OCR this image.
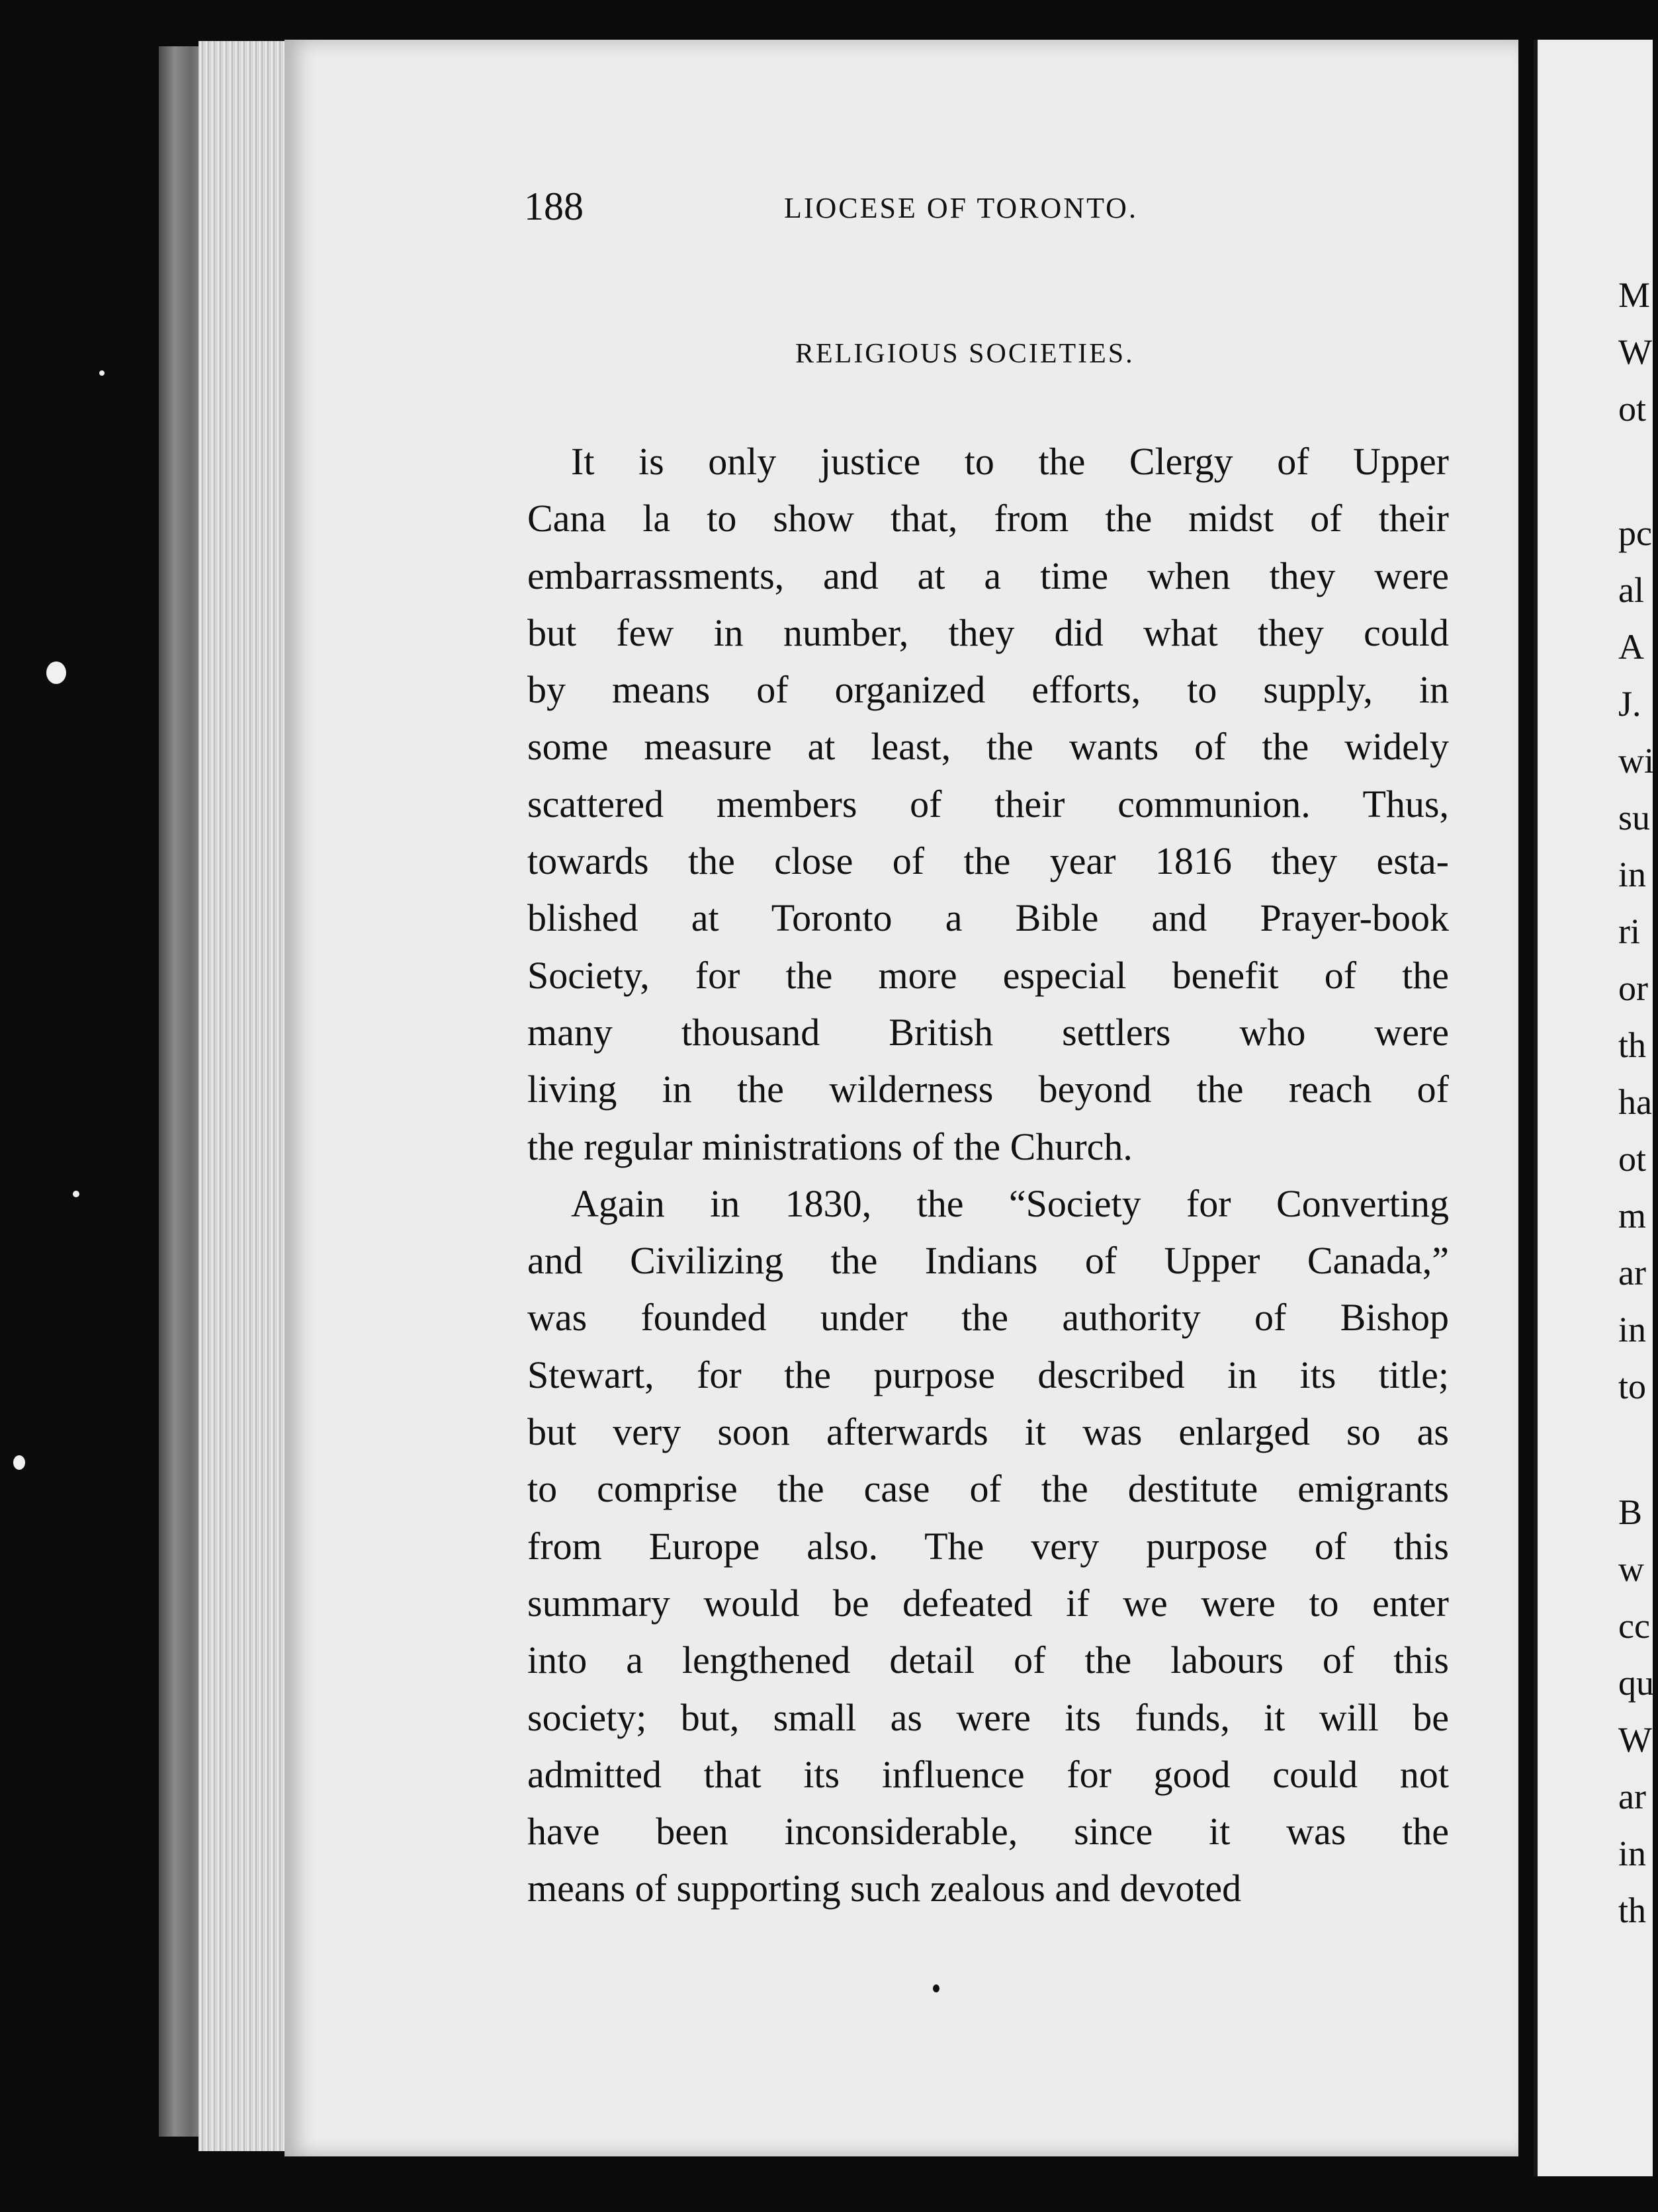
188	LIOCESE OF TORONTO.
RELIGIOUS SOCIETIES.
It is only justice to the Clergy of Upper
Cana la to show that, from the midst of their
embarrassments, and at a time when they were
but few in number, they did what they could
by means of organized efforts, to supply, in
some measure at least, the wants of the widely
scattered members of their communion. Thus,
towards the close of the year 1816 they esta-
blished at Toronto a Bible and Prayer-book
Society, for the more especial benefit of the
many thousand British settlers who were
living in the wilderness beyond the reach of
the regular ministrations of the Church.
Again in 1830, the “Society for Converting
and Civilizing the Indians of Upper Canada,”
was founded under the authority of Bishop
Stewart, for the purpose described in its title;
but very soon afterwards it was enlarged so as
to comprise the case of the destitute emigrants
from Europe also. The very purpose of this
summary would be defeated if we were to enter
into a lengthened detail of the labours of this
society; but, small as were its funds, it will be
admitted that its influence for good could not
have been inconsiderable, since it was the
means of supporting such zealous and devoted
M
W
ot
pc
al
A
J.
wi
su
in
ri
or
th
ha
ot
m
ar
in
to
B
w
cc
qu
W
ar
in
th
